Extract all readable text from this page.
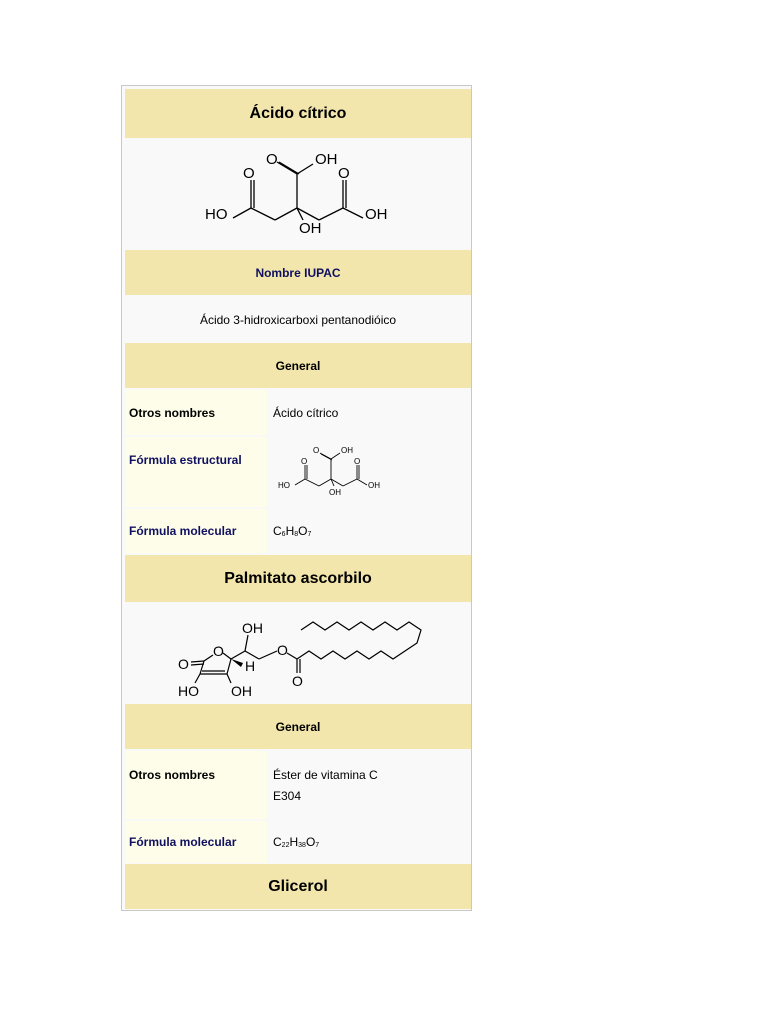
Ácido cítrico
O OH
O	O
HO	OH
OH
Nombre IUPAC
Ácido 3-hidroxicarboxi pentanodióico
General
Otros nombres	Ácido cítrico
Fórmula estructural
O	OH
O	O
HO	OH
OH
Fórmula molecular	$C_6H_8O_7$
Palmitato ascorbilo
OH
O	O
O	H
O
HO OH
General
Otros nombres	Éster de vitamina C
E304
Fórmula molecular	$C_{22}H_{38}O_7$
Glicerol
